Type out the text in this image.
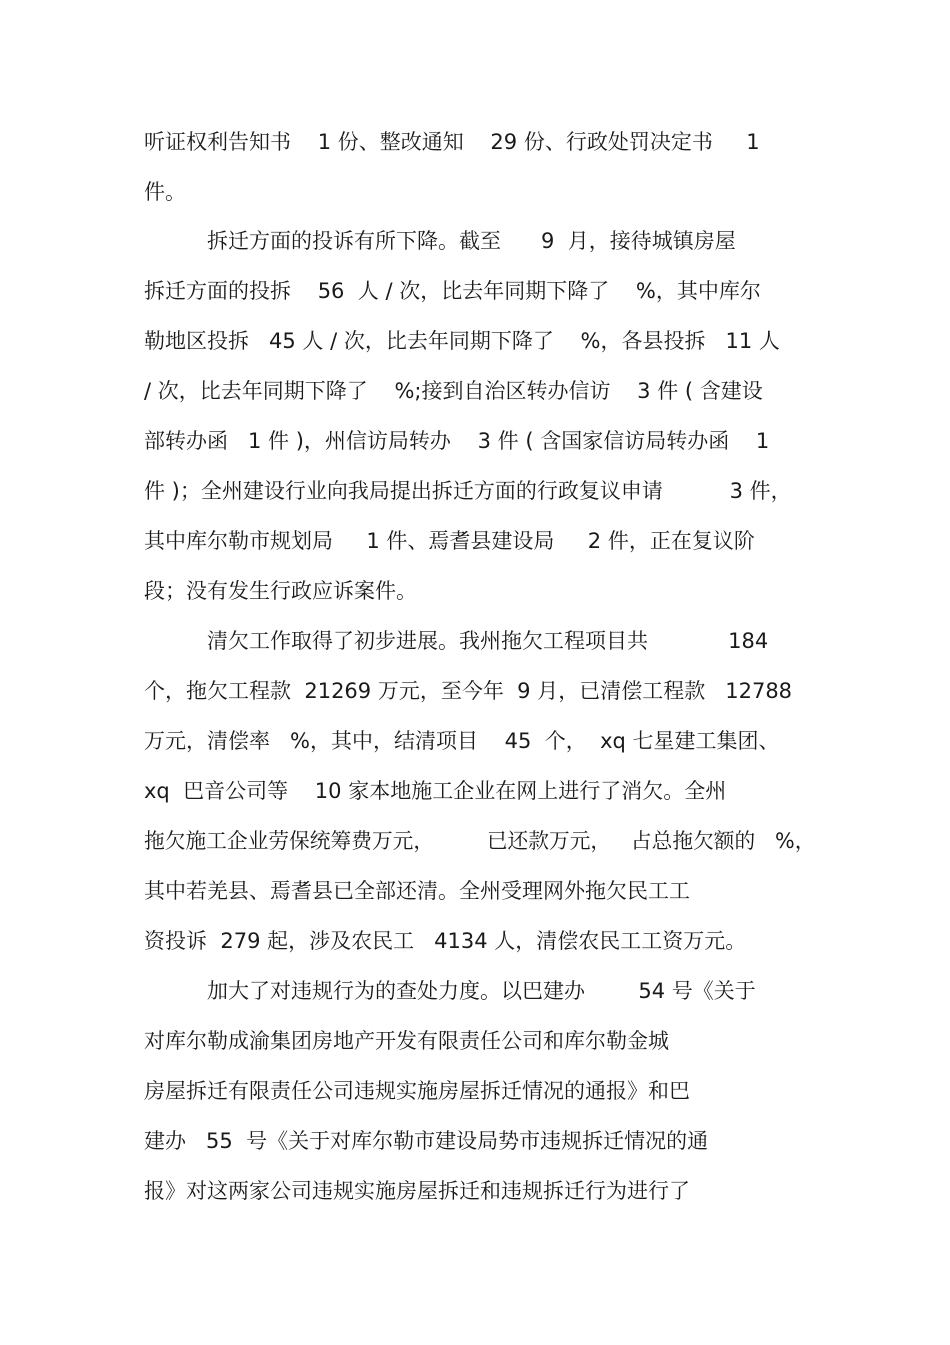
听证权利告知书    1 份、整改通知    29 份、行政处罚决定书     1
件。
拆迁方面的投诉有所下降。截至      9  月，接待城镇房屋
拆迁方面的投拆    56  人 / 次，比去年同期下降了    %，其中库尔
勒地区投拆   45 人 / 次，比去年同期下降了    %，各县投拆   11 人
/ 次，比去年同期下降了    %;接到自治区转办信访    3 件 ( 含建设
部转办函   1 件 )，州信访局转办    3 件 ( 含国家信访局转办函    1
件 )；全州建设行业向我局提出拆迁方面的行政复议申请          3 件，
其中库尔勒市规划局     1 件、焉耆县建设局     2 件，正在复议阶
段；没有发生行政应诉案件。
清欠工作取得了初步进展。我州拖欠工程项目共            184
个，拖欠工程款  21269 万元，至今年  9 月，已清偿工程款   12788
万元，清偿率   %，其中，结清项目    45  个，  xq 七星建工集团、
xq  巴音公司等    10 家本地施工企业在网上进行了消欠。全州
拖欠施工企业劳保统筹费万元，        已还款万元，   占总拖欠额的   %，
其中若羌县、焉耆县已全部还清。全州受理网外拖欠民工工
资投诉  279 起，涉及农民工   4134 人，清偿农民工工资万元。
加大了对违规行为的查处力度。以巴建办        54 号《关于
对库尔勒成渝集团房地产开发有限责任公司和库尔勒金城
房屋拆迁有限责任公司违规实施房屋拆迁情况的通报》和巴
建办   55  号《关于对库尔勒市建设局势市违规拆迁情况的通
报》对这两家公司违规实施房屋拆迁和违规拆迁行为进行了
